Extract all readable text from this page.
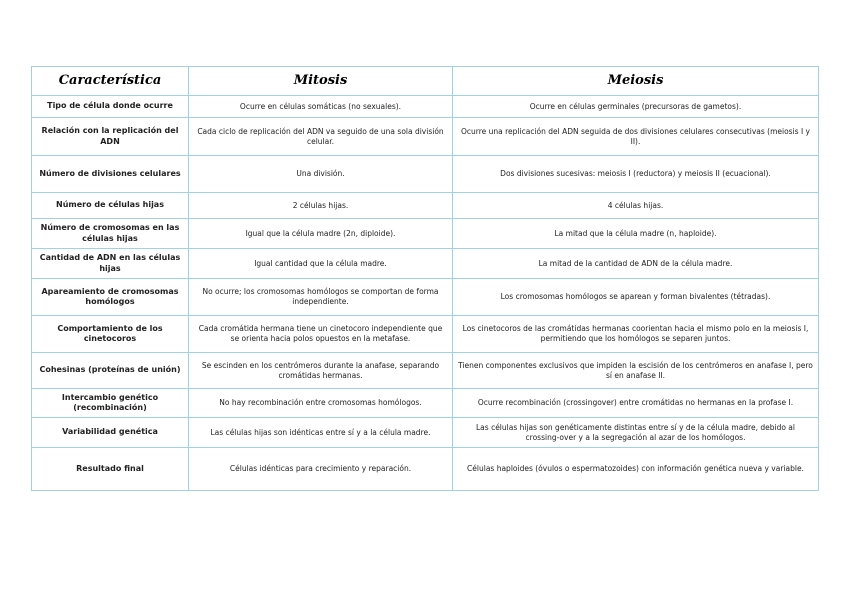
Característica	Mitosis	Meiosis
Tipo de célula donde ocurre	Ocurre en células somáticas (no sexuales).	Ocurre en células germinales (precursoras de gametos).
Relación con la replicación del ADN	Cada ciclo de replicación del ADN va seguido de una sola división celular.	Ocurre una replicación del ADN seguida de dos divisiones celulares consecutivas (meiosis I y II).
Número de divisiones celulares	Una división.	Dos divisiones sucesivas: meiosis I (reductora) y meiosis II (ecuacional).
Número de células hijas	2 células hijas.	4 células hijas.
Número de cromosomas en las células hijas	Igual que la célula madre (2n, diploide).	La mitad que la célula madre (n, haploide).
Cantidad de ADN en las células hijas	Igual cantidad que la célula madre.	La mitad de la cantidad de ADN de la célula madre.
Apareamiento de cromosomas homólogos	No ocurre; los cromosomas homólogos se comportan de forma independiente.	Los cromosomas homólogos se aparean y forman bivalentes (tétradas).
Comportamiento de los cinetocoros	Cada cromátida hermana tiene un cinetocoro independiente que se orienta hacia polos opuestos en la metafase.	Los cinetocoros de las cromátidas hermanas coorientan hacia el mismo polo en la meiosis I, permitiendo que los homólogos se separen juntos.
Cohesinas (proteínas de unión)	Se escinden en los centrómeros durante la anafase, separando cromátidas hermanas.	Tienen componentes exclusivos que impiden la escisión de los centrómeros en anafase I, pero sí en anafase II.
Intercambio genético (recombinación)	No hay recombinación entre cromosomas homólogos.	Ocurre recombinación (crossingover) entre cromátidas no hermanas en la profase I.
Variabilidad genética	Las células hijas son idénticas entre sí y a la célula madre.	Las células hijas son genéticamente distintas entre sí y de la célula madre, debido al crossing-over y a la segregación al azar de los homólogos.
Resultado final	Células idénticas para crecimiento y reparación.	Células haploides (óvulos o espermatozoides) con información genética nueva y variable.
